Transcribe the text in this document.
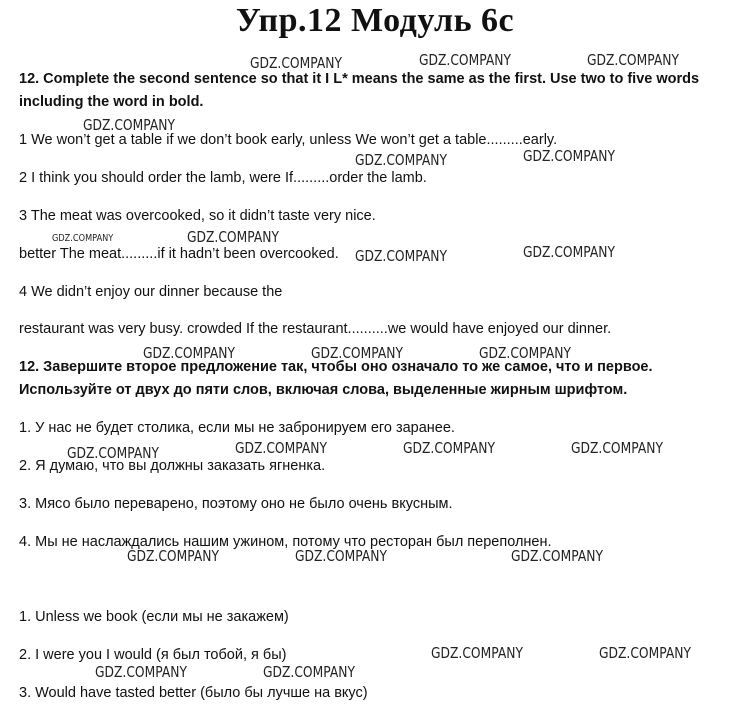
Упр.12 Модуль 6с
12. Complete the second sentence so that it I L* means the same as the first. Use two to five words
including the word in bold.
1 We won’t get a table if we don’t book early, unless We won’t get a table.........early.
2 I think you should order the lamb, were If.........order the lamb.
3 The meat was overcooked, so it didn’t taste very nice.
better The meat.........if it hadn’t been overcooked.
4 We didn’t enjoy our dinner because the
restaurant was very busy. crowded If the restaurant..........we would have enjoyed our dinner.
12. Завершите второе предложение так, чтобы оно означало то же самое, что и первое.
Используйте от двух до пяти слов, включая слова, выделенные жирным шрифтом.
1. У нас не будет столика, если мы не забронируем его заранее.
2. Я думаю, что вы должны заказать ягненка.
3. Мясо было переварено, поэтому оно не было очень вкусным.
4. Мы не наслаждались нашим ужином, потому что ресторан был переполнен.
1. Unless we book (если мы не закажем)
2. I were you I would (я был тобой, я бы)
3. Would have tasted better (было бы лучше на вкус)
GDZ.COMPANY	GDZ.COMPANY	GDZ.COMPANY
GDZ.COMPANY
GDZ.COMPANY	GDZ.COMPANY
GDZ.COMPANY	GDZ.COMPANY
GDZ.COMPANY	GDZ.COMPANY
GDZ.COMPANY	GDZ.COMPANY	GDZ.COMPANY
GDZ.COMPANY	GDZ.COMPANY	GDZ.COMPANY	GDZ.COMPANY
GDZ.COMPANY	GDZ.COMPANY	GDZ.COMPANY
GDZ.COMPANY	GDZ.COMPANY
GDZ.COMPANY	GDZ.COMPANY
